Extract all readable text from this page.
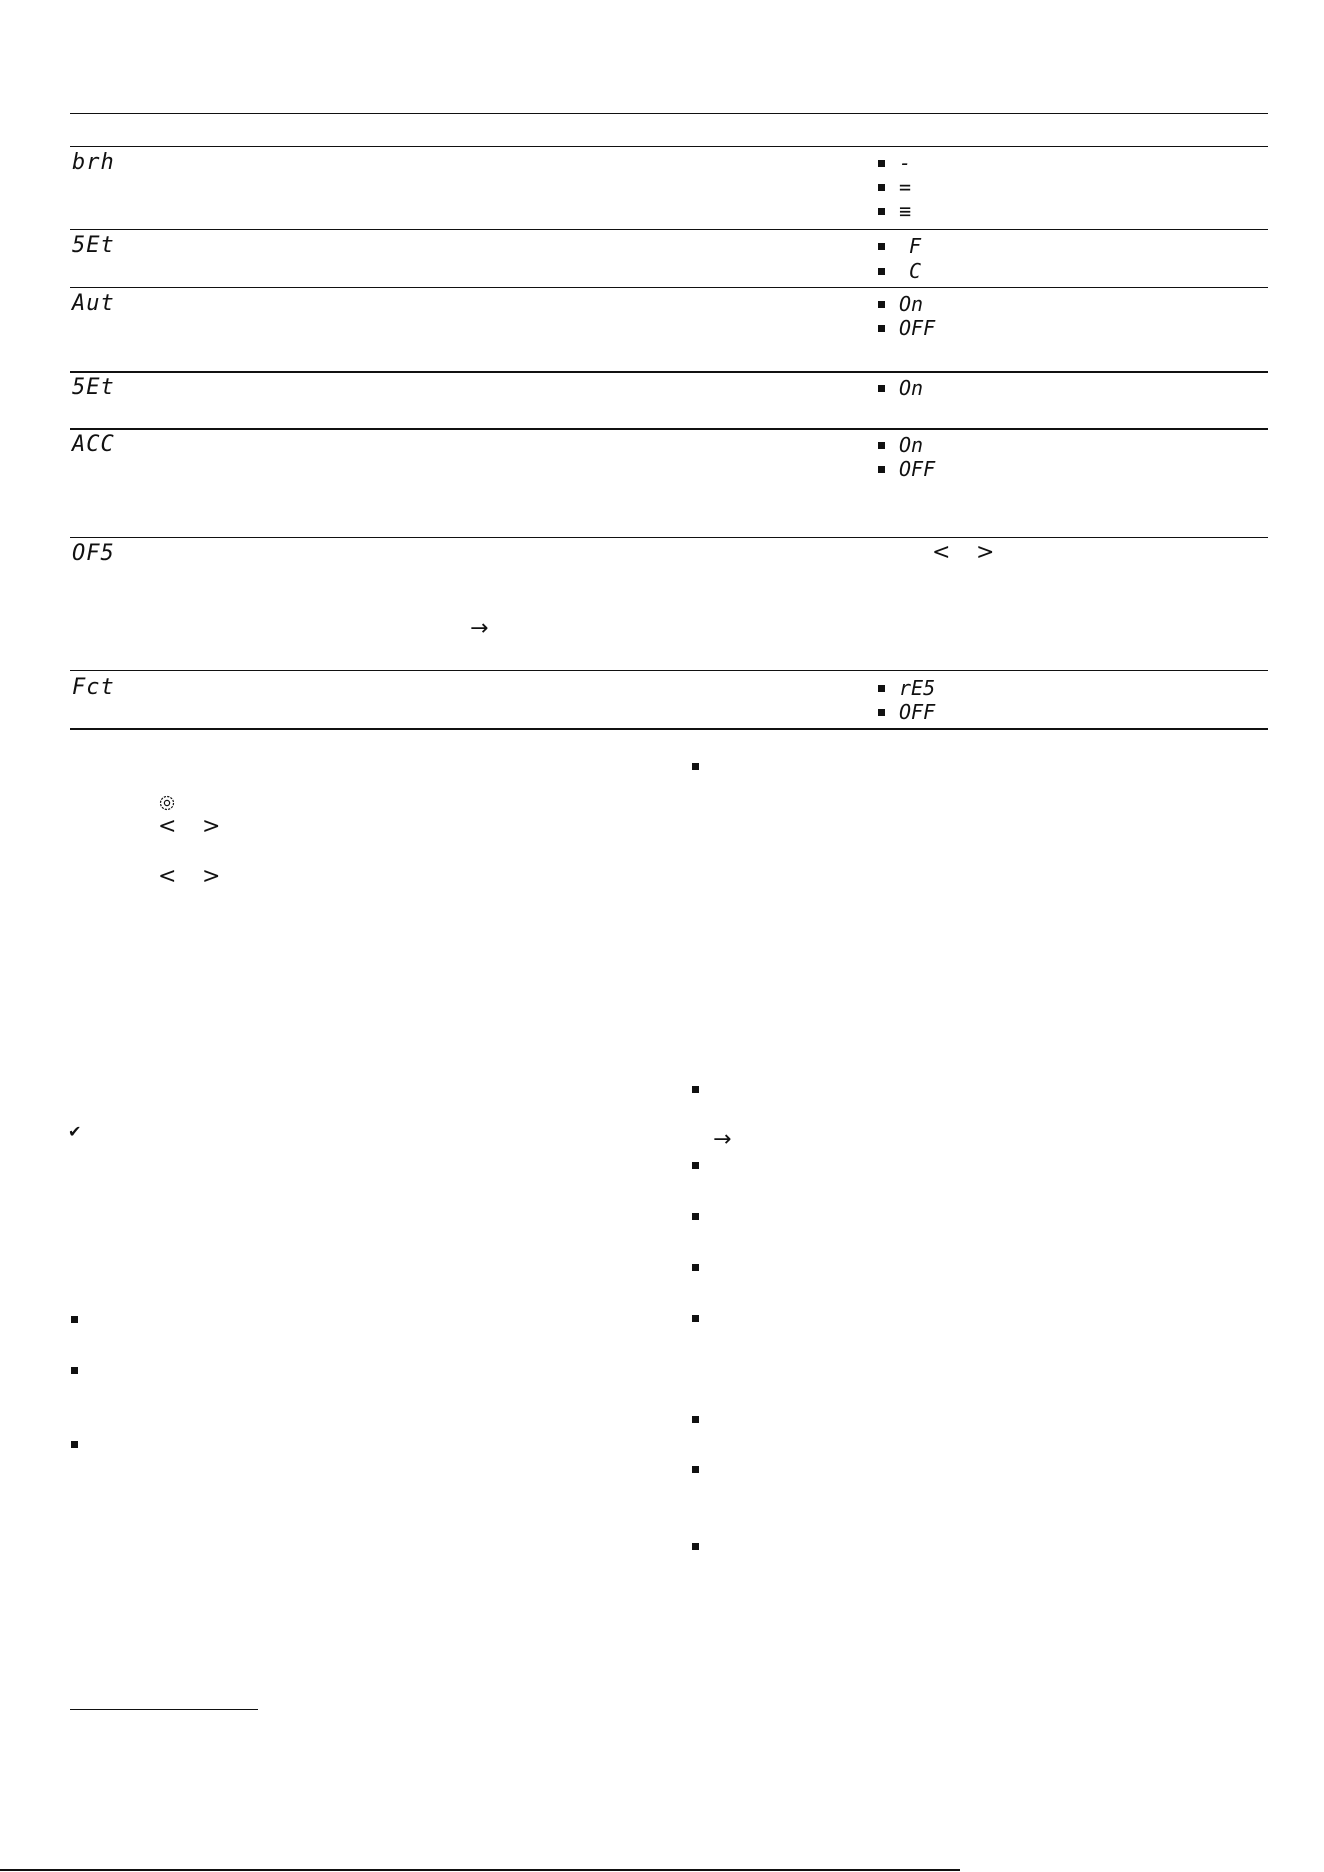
brh	-
=
≡
5Et	F
C
Aut	On
OFF
5Et	On
ACC	On
OFF
OF5	< >
→
Fct	rE5
OFF
< >
< >
✔	→
